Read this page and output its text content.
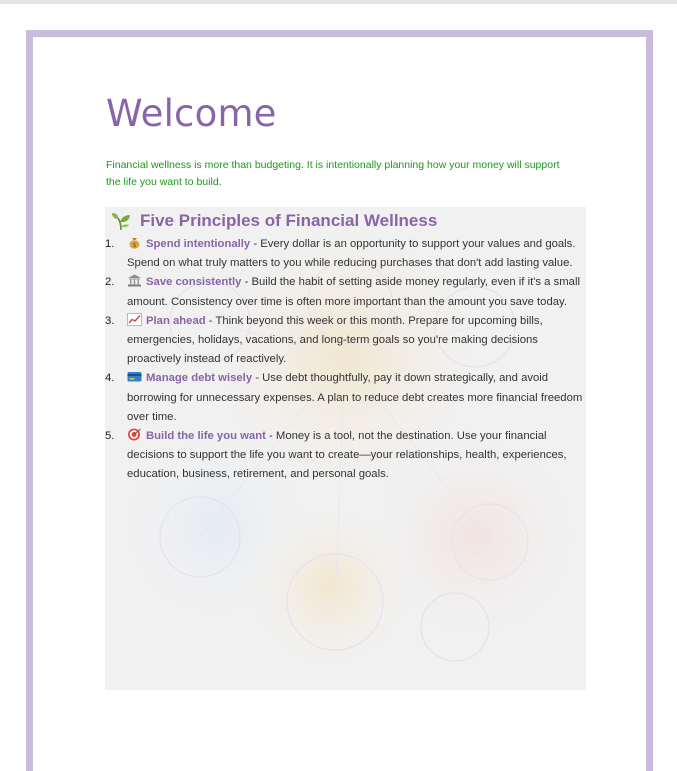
Welcome

Financial wellness is more than budgeting. It is intentionally planning how your money will support the life you want to build.

Five Principles of Financial Wellness
1.	$ Spend intentionally - Every dollar is an opportunity to support your values and goals. Spend on what truly matters to you while reducing purchases that don't add lasting value.
2.	Save consistently - Build the habit of setting aside money regularly, even if it's a small amount. Consistency over time is often more important than the amount you save today.
3.	Plan ahead - Think beyond this week or this month. Prepare for upcoming bills, emergencies, holidays, vacations, and long-term goals so you're making decisions proactively instead of reactively.
4.	Manage debt wisely - Use debt thoughtfully, pay it down strategically, and avoid borrowing for unnecessary expenses. A plan to reduce debt creates more financial freedom over time.
5.	Build the life you want - Money is a tool, not the destination. Use your financial decisions to support the life you want to create—your relationships, health, experiences, education, business, retirement, and personal goals.
